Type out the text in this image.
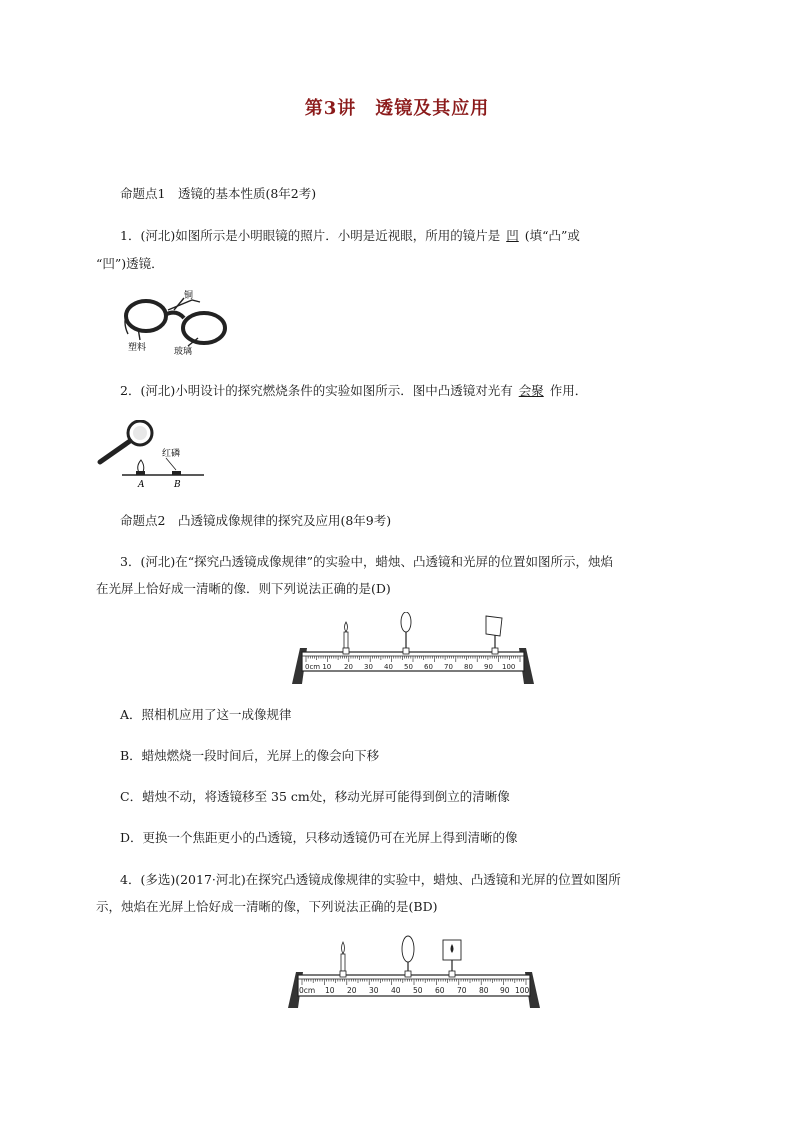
第3讲　透镜及其应用
命题点1　透镜的基本性质(8年2考)
1．(河北)如图所示是小明眼镜的照片．小明是近视眼，所用的镜片是 凹 (填“凸”或
“凹”)透镜．
铜
塑料	玻璃
2．(河北)小明设计的探究燃烧条件的实验如图所示．图中凸透镜对光有 会聚 作用．
红磷
A	B
命题点2　凸透镜成像规律的探究及应用(8年9考)
3．(河北)在“探究凸透镜成像规律”的实验中，蜡烛、凸透镜和光屏的位置如图所示，烛焰
在光屏上恰好成一清晰的像．则下列说法正确的是(D)
0cm 10 20 30 40 50 60 70 80 90 100
A．照相机应用了这一成像规律
B．蜡烛燃烧一段时间后，光屏上的像会向下移
C．蜡烛不动，将透镜移至 35 cm处，移动光屏可能得到倒立的清晰像
D．更换一个焦距更小的凸透镜，只移动透镜仍可在光屏上得到清晰的像
4．(多选)(2017·河北)在探究凸透镜成像规律的实验中，蜡烛、凸透镜和光屏的位置如图所
示，烛焰在光屏上恰好成一清晰的像，下列说法正确的是(BD)
0cm 10 20 30 40 50 60 70 80 90 100
